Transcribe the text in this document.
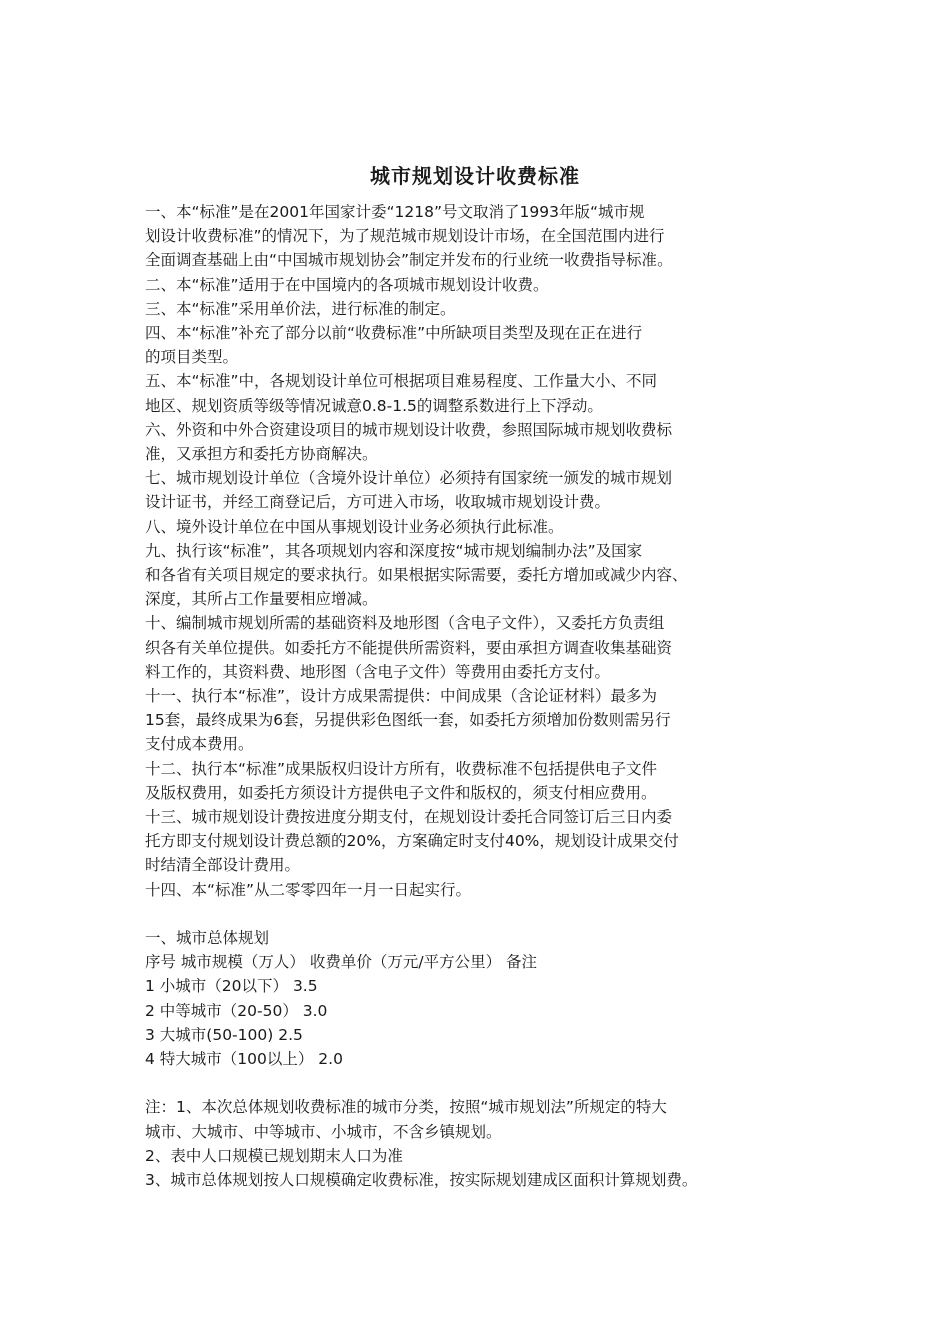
城市规划设计收费标准
一、本“标准”是在2001年国家计委“1218”号文取消了1993年版“城市规
划设计收费标准”的情况下，为了规范城市规划设计市场，在全国范围内进行
全面调查基础上由“中国城市规划协会”制定并发布的行业统一收费指导标准。
二、本“标准”适用于在中国境内的各项城市规划设计收费。
三、本“标准”采用单价法，进行标准的制定。
四、本“标准”补充了部分以前“收费标准”中所缺项目类型及现在正在进行
的项目类型。
五、本“标准”中，各规划设计单位可根据项目难易程度、工作量大小、不同
地区、规划资质等级等情况诚意0.8-1.5的调整系数进行上下浮动。
六、外资和中外合资建设项目的城市规划设计收费，参照国际城市规划收费标
准，又承担方和委托方协商解决。
七、城市规划设计单位（含境外设计单位）必须持有国家统一颁发的城市规划
设计证书，并经工商登记后，方可进入市场，收取城市规划设计费。
八、境外设计单位在中国从事规划设计业务必须执行此标准。
九、执行该“标准”，其各项规划内容和深度按“城市规划编制办法”及国家
和各省有关项目规定的要求执行。如果根据实际需要，委托方增加或减少内容、
深度，其所占工作量要相应增减。
十、编制城市规划所需的基础资料及地形图（含电子文件），又委托方负责组
织各有关单位提供。如委托方不能提供所需资料，要由承担方调查收集基础资
料工作的，其资料费、地形图（含电子文件）等费用由委托方支付。
十一、执行本“标准”，设计方成果需提供：中间成果（含论证材料）最多为
15套，最终成果为6套，另提供彩色图纸一套，如委托方须增加份数则需另行
支付成本费用。
十二、执行本“标准”成果版权归设计方所有，收费标准不包括提供电子文件
及版权费用，如委托方须设计方提供电子文件和版权的，须支付相应费用。
十三、城市规划设计费按进度分期支付，在规划设计委托合同签订后三日内委
托方即支付规划设计费总额的20%，方案确定时支付40%，规划设计成果交付
时结清全部设计费用。
十四、本“标准”从二零零四年一月一日起实行。
一、城市总体规划
序号 城市规模（万人） 收费单价（万元/平方公里） 备注
1 小城市（20以下） 3.5
2 中等城市（20-50） 3.0
3 大城市(50-100) 2.5
4 特大城市（100以上） 2.0
注：1、本次总体规划收费标准的城市分类，按照“城市规划法”所规定的特大
城市、大城市、中等城市、小城市，不含乡镇规划。
2、表中人口规模已规划期末人口为准
3、城市总体规划按人口规模确定收费标准，按实际规划建成区面积计算规划费。
